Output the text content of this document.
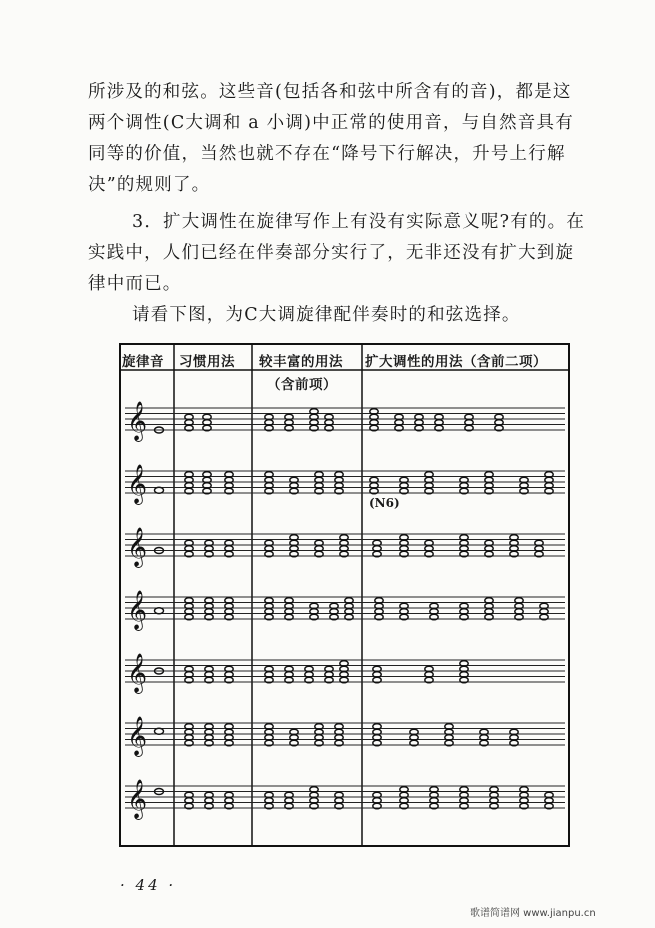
所涉及的和弦。这些音(包括各和弦中所含有的音)，都是这两个调性(C大调和 a 小调)中正常的使用音，与自然音具有同等的价值，当然也就不存在“降号下行解决，升号上行解决”的规则了。

3．扩大调性在旋律写作上有没有实际意义呢?有的。在实践中，人们已经在伴奏部分实行了，无非还没有扩大到旋律中而已。

请看下图，为C大调旋律配伴奏时的和弦选择。

𝄞
𝄞
𝄞
𝄞
𝄞
𝄞
𝄞
旋律音 习惯用法 较丰富的用法
（含前项）
扩大调性的用法（含前二项）
(N6)
· 44 ·
歌谱简谱网 www.jianpu.cn
